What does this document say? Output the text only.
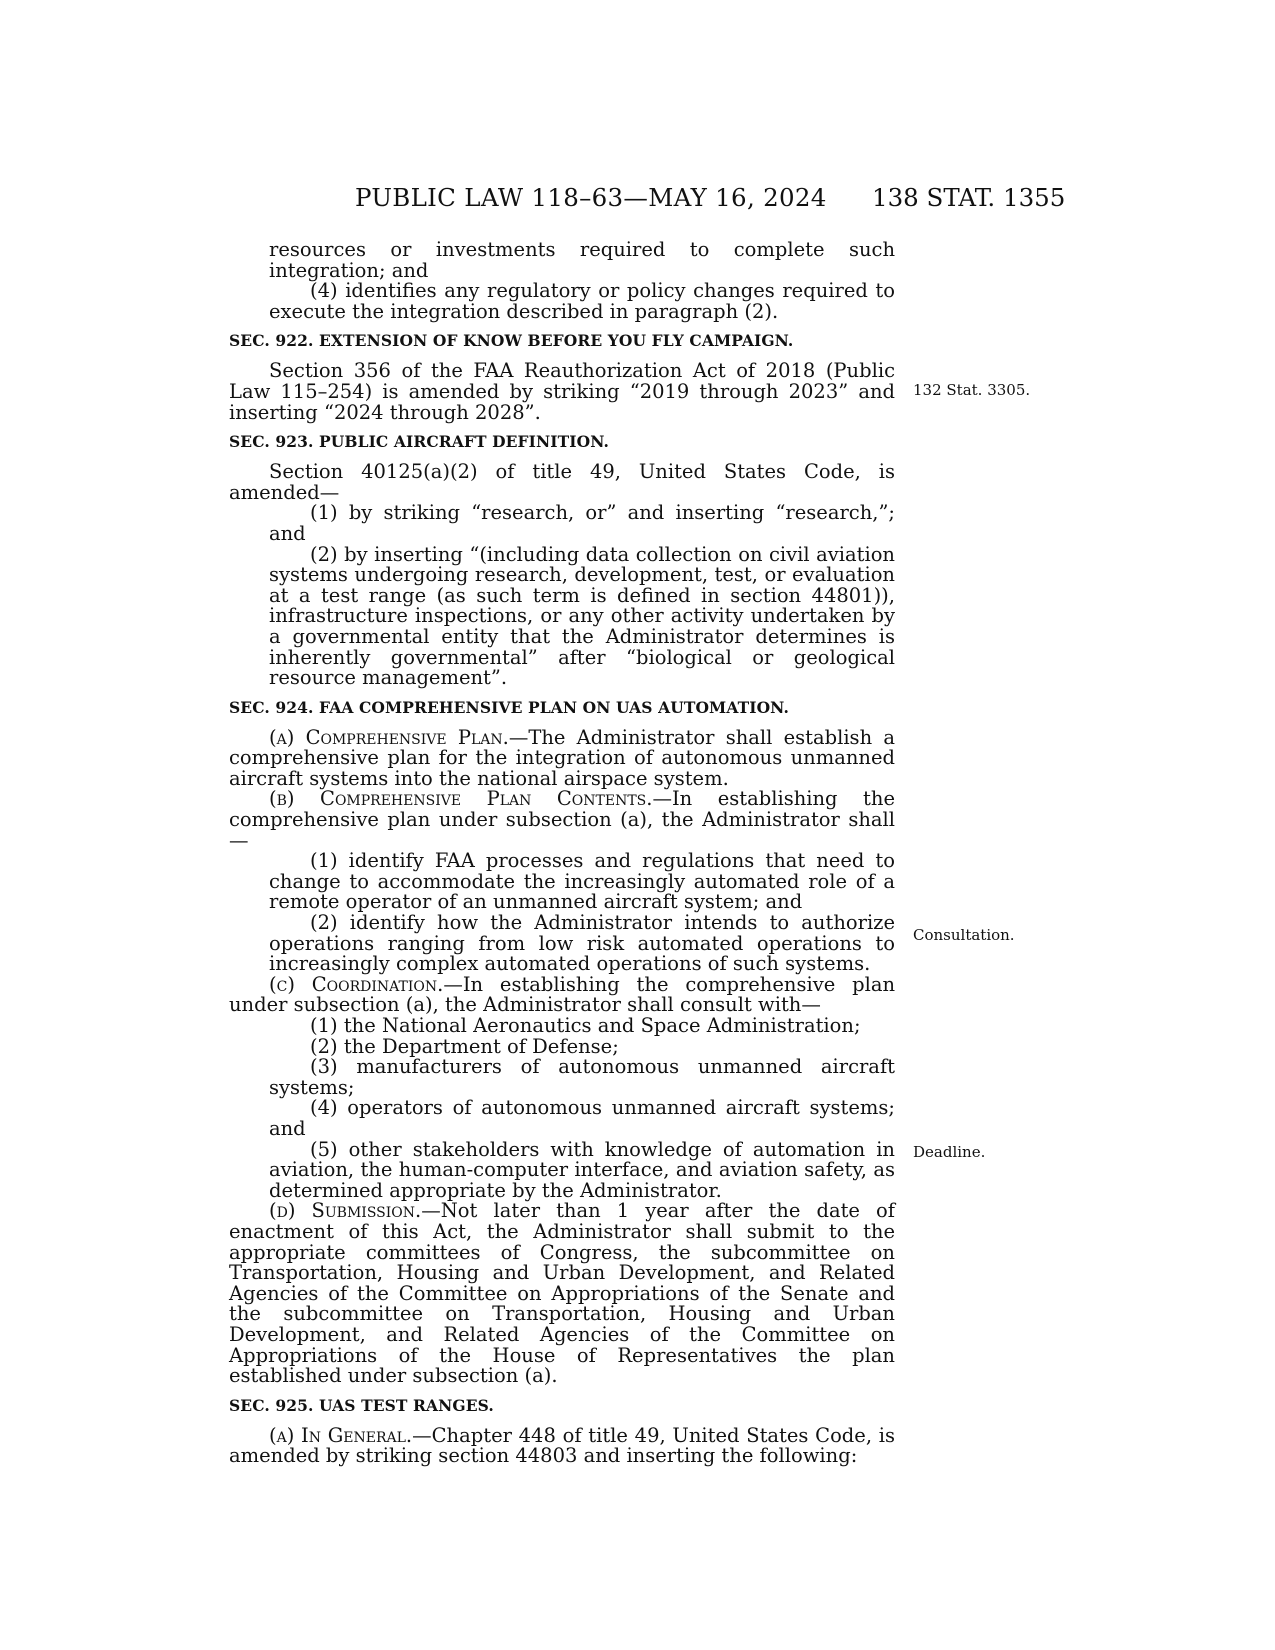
PUBLIC LAW 118–63—MAY 16, 2024 138 STAT. 1355
132 Stat. 3305.
Consultation.
Deadline.

resources or investments required to complete such integration; and

(4) identifies any regulatory or policy changes required to execute the integration described in paragraph (2).

SEC. 922. EXTENSION OF KNOW BEFORE YOU FLY CAMPAIGN.

Section 356 of the FAA Reauthorization Act of 2018 (Public Law 115–254) is amended by striking “2019 through 2023” and inserting “2024 through 2028”.

SEC. 923. PUBLIC AIRCRAFT DEFINITION.

Section 40125(a)(2) of title 49, United States Code, is amended—

(1) by striking “research, or” and inserting “research,”; and

(2) by inserting “(including data collection on civil aviation systems undergoing research, development, test, or evaluation at a test range (as such term is defined in section 44801)), infrastructure inspections, or any other activity undertaken by a governmental entity that the Administrator determines is inherently governmental” after “biological or geological resource management”.

SEC. 924. FAA COMPREHENSIVE PLAN ON UAS AUTOMATION.

(a) Comprehensive Plan.—The Administrator shall establish a comprehensive plan for the integration of autonomous unmanned aircraft systems into the national airspace system.

(b) Comprehensive Plan Contents.—In establishing the comprehensive plan under subsection (a), the Administrator shall—

(1) identify FAA processes and regulations that need to change to accommodate the increasingly automated role of a remote operator of an unmanned aircraft system; and

(2) identify how the Administrator intends to authorize operations ranging from low risk automated operations to increasingly complex automated operations of such systems.

(c) Coordination.—In establishing the comprehensive plan under subsection (a), the Administrator shall consult with—

(1) the National Aeronautics and Space Administration;

(2) the Department of Defense;

(3) manufacturers of autonomous unmanned aircraft systems;

(4) operators of autonomous unmanned aircraft systems; and

(5) other stakeholders with knowledge of automation in aviation, the human-computer interface, and aviation safety, as determined appropriate by the Administrator.

(d) Submission.—Not later than 1 year after the date of enactment of this Act, the Administrator shall submit to the appropriate committees of Congress, the subcommittee on Transportation, Housing and Urban Development, and Related Agencies of the Committee on Appropriations of the Senate and the subcommittee on Transportation, Housing and Urban Development, and Related Agencies of the Committee on Appropriations of the House of Representatives the plan established under subsection (a).

SEC. 925. UAS TEST RANGES.

(a) In General.—Chapter 448 of title 49, United States Code, is amended by striking section 44803 and inserting the following:
